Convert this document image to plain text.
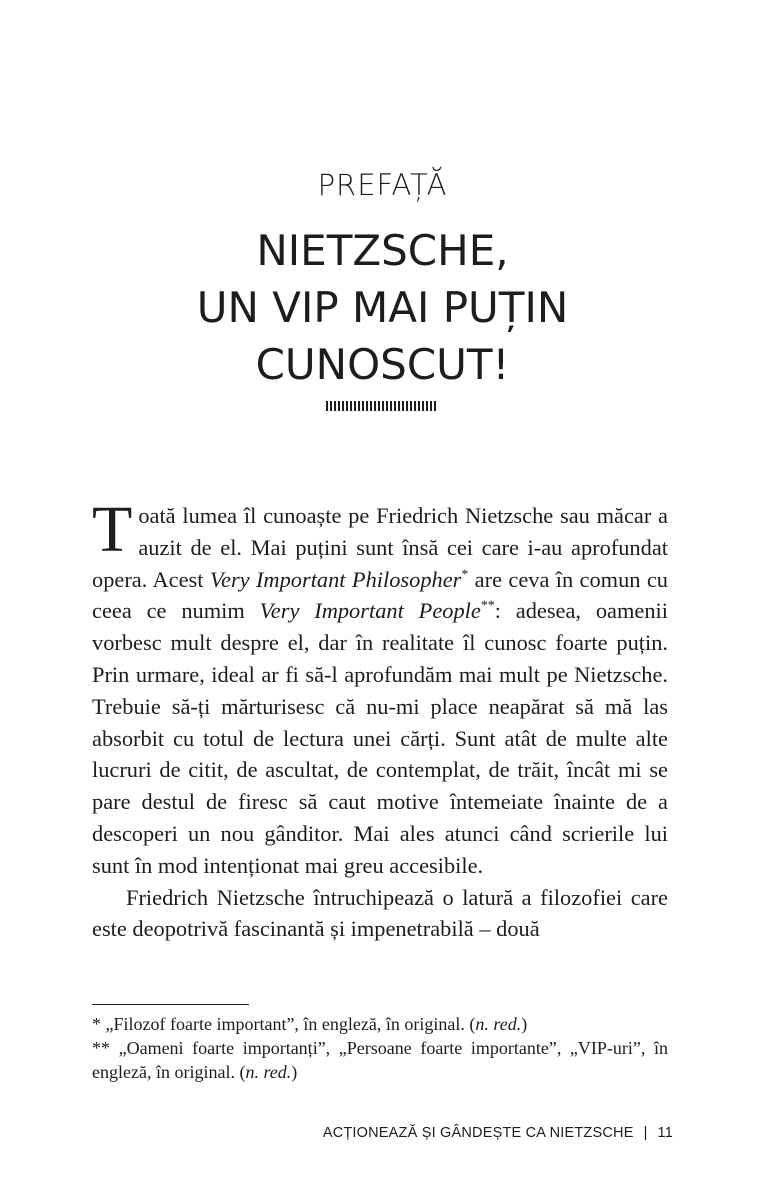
PREFAȚĂ
NIETZSCHE,
UN VIP MAI PUȚIN
CUNOSCUT!

Toată lumea îl cunoaște pe Friedrich Nietzsche sau măcar a auzit de el. Mai puțini sunt însă cei care i-au aprofundat opera. Acest Very Important Philosopher* are ceva în comun cu ceea ce numim Very Important People**: adesea, oamenii vorbesc mult despre el, dar în realitate îl cunosc foarte puțin. Prin urmare, ideal ar fi să-l aprofundăm mai mult pe Nietzsche. Trebuie să-ți mărturisesc că nu-mi place neapărat să mă las absorbit cu totul de lectura unei cărți. Sunt atât de multe alte lucruri de citit, de ascultat, de contemplat, de trăit, încât mi se pare destul de firesc să caut motive întemeiate înainte de a descoperi un nou gânditor. Mai ales atunci când scrierile lui sunt în mod intenționat mai greu accesibile.

Friedrich Nietzsche întruchipează o latură a filozofiei care este deopotrivă fascinantă și impenetrabilă – două

* „Filozof foarte important”, în engleză, în original. (n. red.)

** „Oameni foarte importanți”, „Persoane foarte importante”, „VIP-uri”, în engleză, în original. (n. red.)

ACȚIONEAZĂ ȘI GÂNDEȘTE CA NIETZSCHE | 11
